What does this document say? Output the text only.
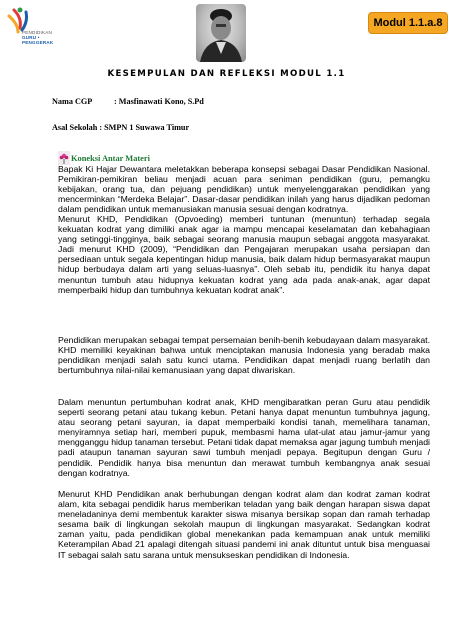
PENDIDIKAN
GURU •
PENGGERAK
Modul 1.1.a.8
KESEMPULAN DAN REFLEKSI MODUL 1.1
Nama CGP	: Masfinawati Kono, S.Pd
Asal Sekolah : SMPN 1 Suwawa Timur
Koneksi Antar Materi

Bapak Ki Hajar Dewantara meletakkan beberapa konsepsi sebagai Dasar Pendidikan Nasional. Pemikiran-pemikiran beliau menjadi acuan para seniman pendidikan (guru, pemangku kebijakan, orang tua, dan pejuang pendidikan) untuk menyelenggarakan pendidikan yang mencerminkan “Merdeka Belajar”. Dasar-dasar pendidikan inilah yang harus dijadikan pedoman dalam pendidikan untuk memanusiakan manusia sesuai dengan kodratnya.

Menurut KHD, Pendidikan (Opvoeding) memberi tuntunan (menuntun) terhadap segala kekuatan kodrat yang dimiliki anak agar ia mampu mencapai keselamatan dan kebahagiaan yang setinggi-tingginya, baik sebagai seorang manusia maupun sebagai anggota masyarakat. Jadi menurut KHD (2009), “Pendidikan dan Pengajaran merupakan usaha persiapan dan persediaan untuk segala kepentingan hidup manusia, baik dalam hidup bermasyarakat maupun hidup berbudaya dalam arti yang seluas-luasnya”. Oleh sebab itu, pendidik itu hanya dapat menuntun tumbuh atau hidupnya kekuatan kodrat yang ada pada anak-anak, agar dapat memperbaiki hidup dan tumbuhnya kekuatan kodrat anak”.

Pendidikan merupakan sebagai tempat persemaian benih-benih kebudayaan dalam masyarakat. KHD memiliki keyakinan bahwa untuk menciptakan manusia Indonesia yang beradab maka pendidikan menjadi salah satu kunci utama. Pendidikan dapat menjadi ruang berlatih dan bertumbuhnya nilai-nilai kemanusiaan yang dapat diwariskan.

Dalam menuntun pertumbuhan kodrat anak, KHD mengibaratkan peran Guru atau pendidik seperti seorang petani atau tukang kebun. Petani hanya dapat menuntun tumbuhnya jagung, atau seorang petani sayuran, ia dapat memperbaiki kondisi tanah, memelihara tanaman, menyiramnya setiap hari, memberi pupuk, membasmi hama ulat-ulat atau jamur-jamur yang mengganggu hidup tanaman tersebut. Petani tidak dapat memaksa agar jagung tumbuh menjadi padi ataupun tanaman sayuran sawi tumbuh menjadi pepaya. Begitupun dengan Guru / pendidik. Pendidik hanya bisa menuntun dan merawat tumbuh kembangnya anak sesuai dengan kodratnya.

Menurut KHD Pendidikan anak berhubungan dengan kodrat alam dan kodrat zaman kodrat alam, kita sebagai pendidik harus memberikan teladan yang baik dengan harapan siswa dapat meneladaninya demi membentuk karakter siswa misanya bersikap sopan dan ramah terhadap sesama baik di lingkungan sekolah maupun di lingkungan masyarakat. Sedangkan kodrat zaman yaitu, pada pendidikan global menekankan pada kemampuan anak untuk memiliki Keterampilan Abad 21 apalagi ditengah situasi pandemi ini anak dituntut untuk bisa menguasai IT sebagai salah satu sarana untuk mensukseskan pendidikan di Indonesia.
